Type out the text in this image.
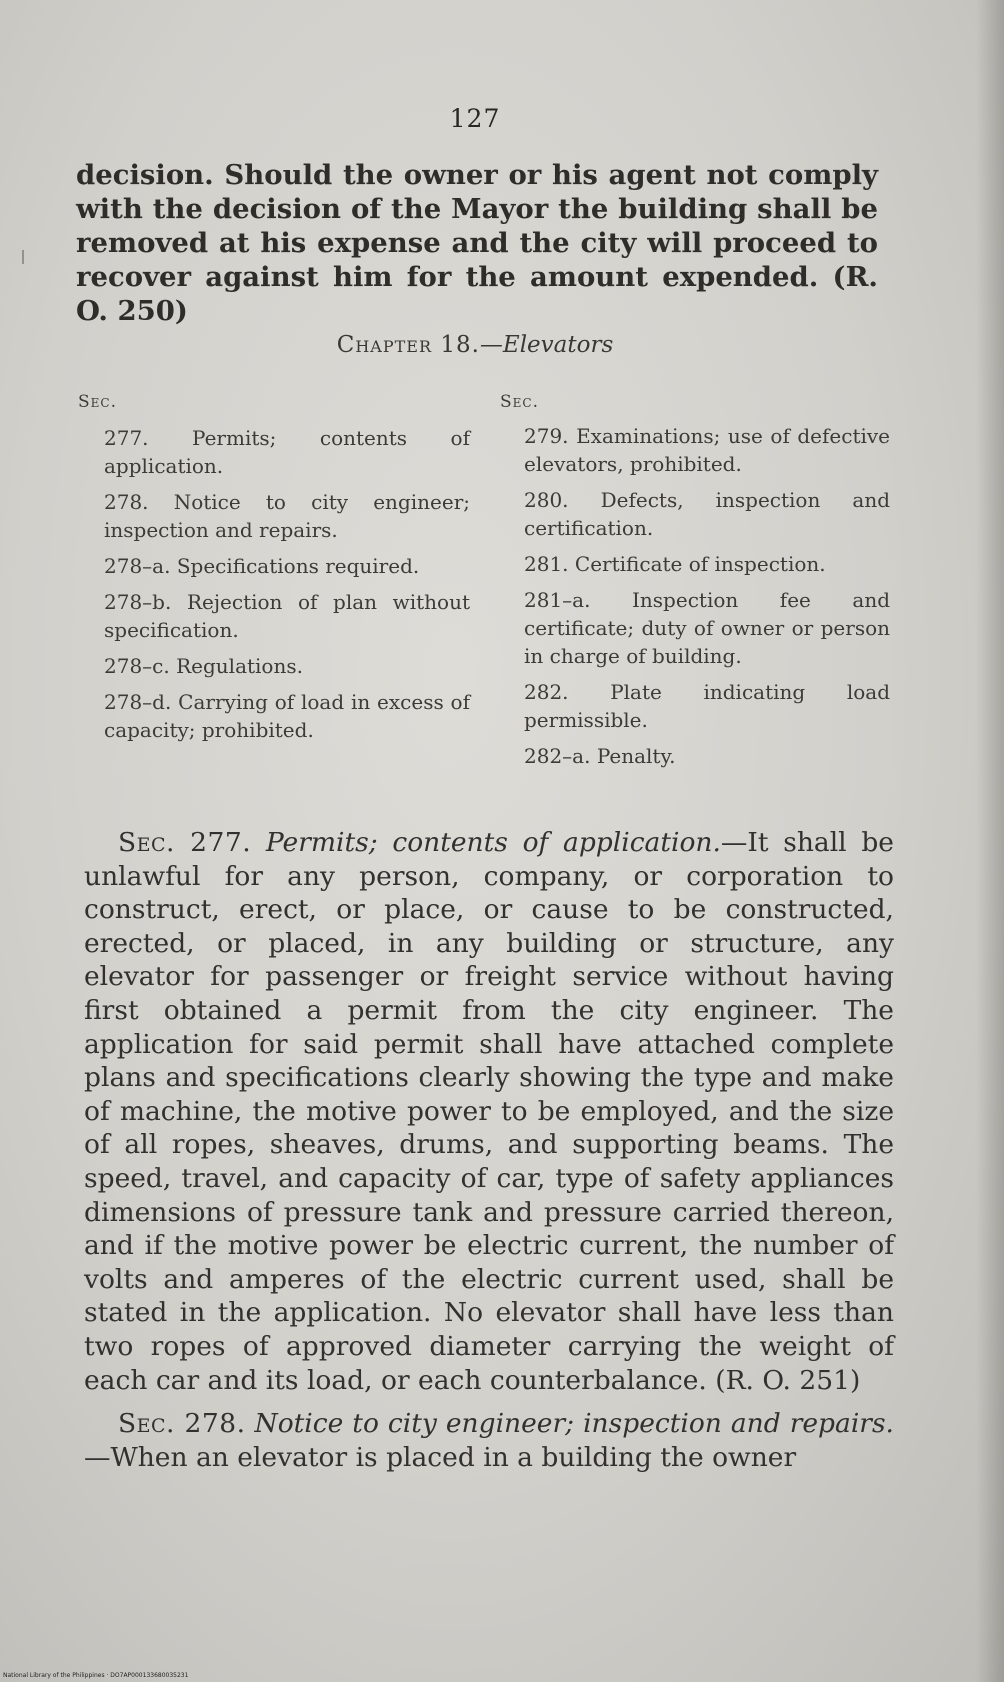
127
decision. Should the owner or his agent not comply with the decision of the Mayor the building shall be removed at his expense and the city will proceed to recover against him for the amount expended. (R. O. 250)
Chapter 18.—Elevators
Sec.
277. Permits; contents of application.
278. Notice to city engineer; inspection and repairs.
278–a. Specifications required.
278–b. Rejection of plan without specification.
278–c. Regulations.
278–d. Carrying of load in excess of capacity; prohibited.
Sec.
279. Examinations; use of defective elevators, prohibited.
280. Defects, inspection and certification.
281. Certificate of inspection.
281–a. Inspection fee and certificate; duty of owner or person in charge of building.
282. Plate indicating load permissible.
282–a. Penalty.

Sec. 277. Permits; contents of application.—It shall be unlawful for any person, company, or corporation to construct, erect, or place, or cause to be constructed, erected, or placed, in any building or structure, any elevator for passenger or freight service without having first obtained a permit from the city engineer. The application for said permit shall have attached complete plans and specifications clearly showing the type and make of machine, the motive power to be employed, and the size of all ropes, sheaves, drums, and supporting beams. The speed, travel, and capacity of car, type of safety appliances dimensions of pressure tank and pressure carried thereon, and if the motive power be electric current, the number of volts and amperes of the electric current used, shall be stated in the application. No elevator shall have less than two ropes of approved diameter carrying the weight of each car and its load, or each counterbalance. (R. O. 251)

Sec. 278. Notice to city engineer; inspection and repairs.—When an elevator is placed in a building the owner

National Library of the Philippines · DO7AP000133680035231
